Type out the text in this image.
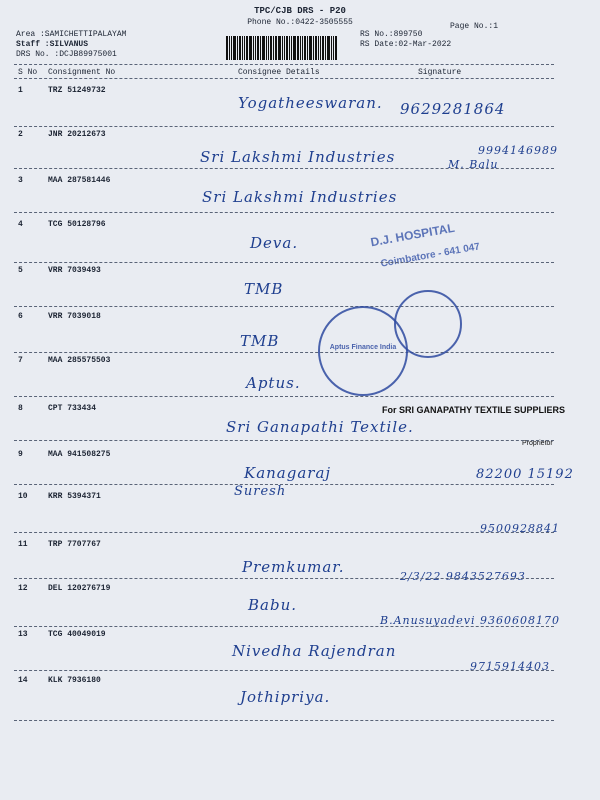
TPC/CJB DRS - P20
Phone No.:0422-3505555	Page No.:1
Area :SAMICHETTIPALAYAM
Staff :SILVANUS
DRS No. :DCJB89975001
RS No.:899750
RS Date:02-Mar-2022
S No Consignment No	Consignee Details	Signature
1	TRZ 51249732
Yogatheeswaran. 9629281864
2	JNR 20212673
Sri Lakshmi Industries	9994146989
M. Balu
3	MAA 287581446
Sri Lakshmi Industries
4	TCG 50128796
Deva.	D.J. HOSPITAL
Coimbatore - 641 047
5	VRR 7039493
TMB
6	VRR 7039018
TMB
7	MAA 285575503
Aptus.
Aptus Finance India
For SRI GANAPATHY TEXTILE SUPPLIERS
8	CPT 733434
Sri Ganapathi Textile.
Proprietor
9	MAA 941508275
Kanagaraj	82200 15192
10	KRR 5394371	Suresh
9500928841
11	TRP 7707767
Premkumar.
2/3/22 9843527693
12	DEL 120276719
Babu.
B.Anusuyadevi 9360608170
13	TCG 40049019
Nivedha Rajendran
9715914403
14	KLK 7936180
Jothipriya.
